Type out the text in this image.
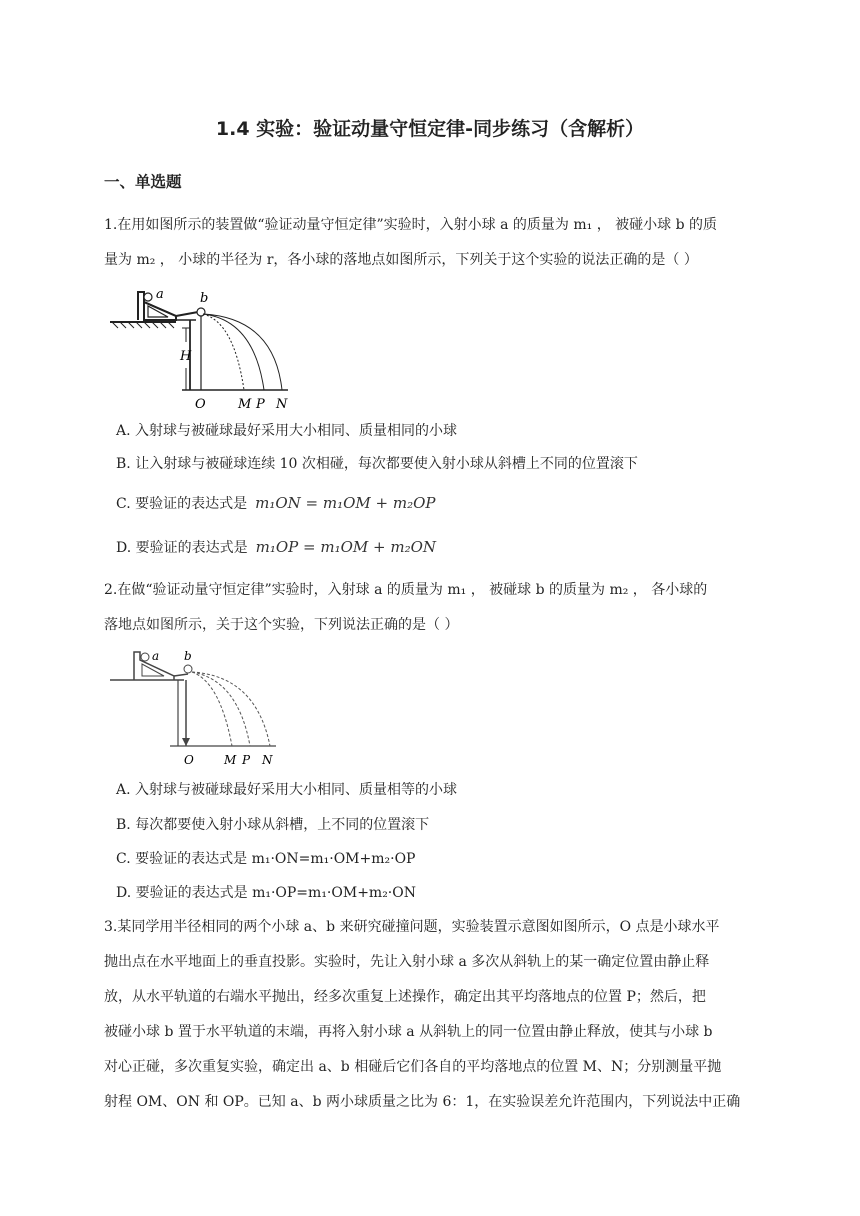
1.4 实验：验证动量守恒定律-同步练习（含解析）
一、单选题
1.在用如图所示的装置做“验证动量守恒定律”实验时，入射小球 a 的质量为 m₁ ， 被碰小球 b 的质
量为 m₂ ， 小球的半径为 r，各小球的落地点如图所示，下列关于这个实验的说法正确的是（ ）
a	b
H
O M P N
A. 入射球与被碰球最好采用大小相同、质量相同的小球
B. 让入射球与被碰球连续 10 次相碰，每次都要使入射小球从斜槽上不同的位置滚下
C. 要验证的表达式是 m₁ON = m₁OM + m₂OP
D. 要验证的表达式是 m₁OP = m₁OM + m₂ON
2.在做“验证动量守恒定律”实验时，入射球 a 的质量为 m₁ ， 被碰球 b 的质量为 m₂ ， 各小球的
落地点如图所示，关于这个实验，下列说法正确的是（ ）
a b
O	M P N
A. 入射球与被碰球最好采用大小相同、质量相等的小球
B. 每次都要使入射小球从斜槽，上不同的位置滚下
C. 要验证的表达式是 m₁·ON=m₁·OM+m₂·OP
D. 要验证的表达式是 m₁·OP=m₁·OM+m₂·ON
3.某同学用半径相同的两个小球 a、b 来研究碰撞问题，实验装置示意图如图所示，O 点是小球水平
抛出点在水平地面上的垂直投影。实验时，先让入射小球 a 多次从斜轨上的某一确定位置由静止释
放，从水平轨道的右端水平抛出，经多次重复上述操作，确定出其平均落地点的位置 P；然后，把
被碰小球 b 置于水平轨道的末端，再将入射小球 a 从斜轨上的同一位置由静止释放，使其与小球 b
对心正碰，多次重复实验，确定出 a、b 相碰后它们各自的平均落地点的位置 M、N；分别测量平抛
射程 OM、ON 和 OP。已知 a、b 两小球质量之比为 6：1，在实验误差允许范围内，下列说法中正确
